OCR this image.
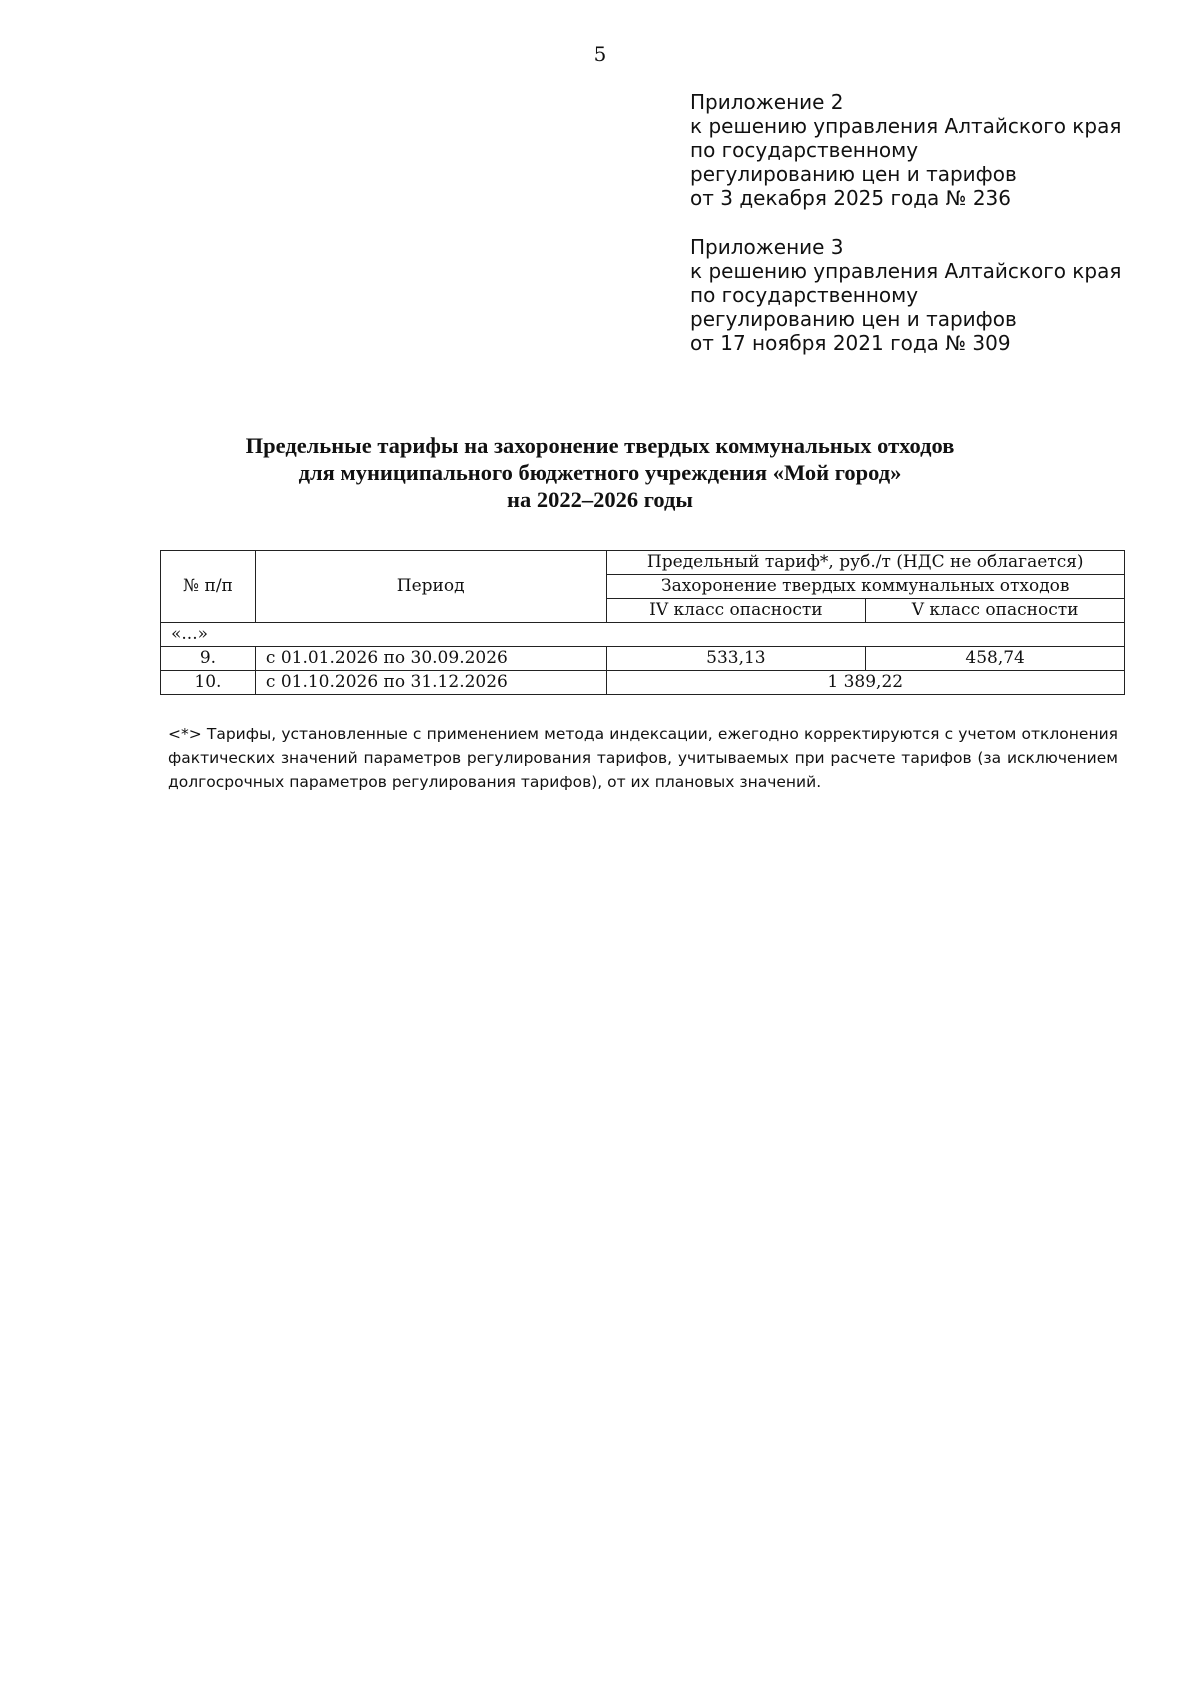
5
Приложение 2
к решению управления Алтайского края
по государственному
регулированию цен и тарифов
от 3 декабря 2025 года № 236
Приложение 3
к решению управления Алтайского края
по государственному
регулированию цен и тарифов
от 17 ноября 2021 года № 309
Предельные тарифы на захоронение твердых коммунальных отходов
для муниципального бюджетного учреждения «Мой город»
на 2022–2026 годы
№ п/п	Период	Предельный тариф*, руб./т (НДС не облагается)	
		Захоронение твердых коммунальных отходов	
		IV класс опасности	V класс опасности
«...»			
9.	с 01.01.2026 по 30.09.2026	533,13	458,74
10.	с 01.10.2026 по 31.12.2026	1 389,22	
<*> Тарифы, установленные с применением метода индексации, ежегодно корректируются с учетом отклонения фактических значений параметров регулирования тарифов, учитываемых при расчете тарифов (за исключением долгосрочных параметров регулирования тарифов), от их плановых значений.
